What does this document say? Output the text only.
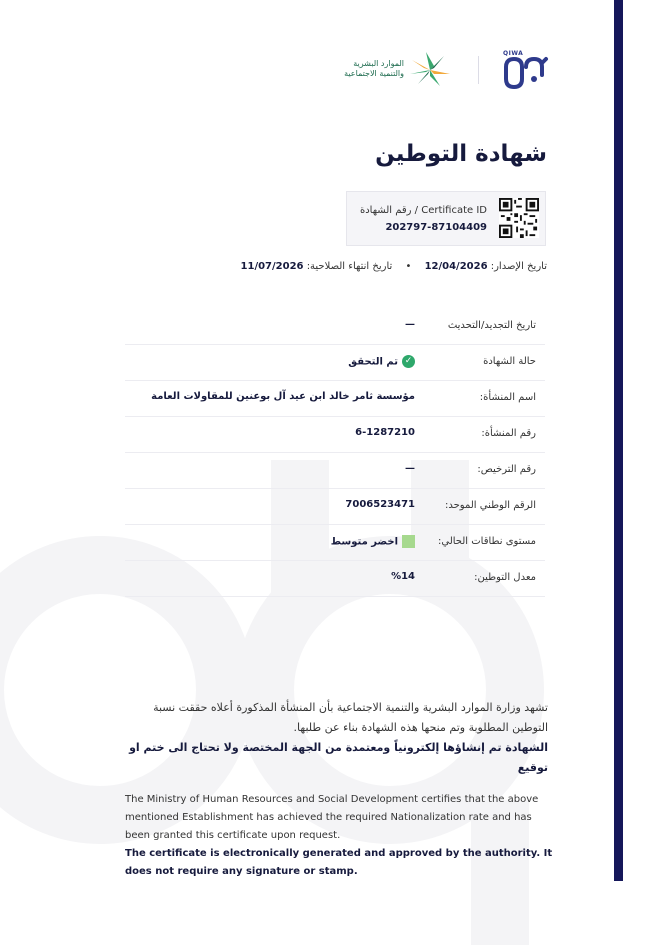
QIWA
الموارد البشرية
والتنمية الاجتماعية
شهادة التوطين
رقم الشهادة / Certificate ID
202797-87104409
تاريخ الإصدار: 12/04/2026 • تاريخ انتهاء الصلاحية: 11/07/2026
تاريخ التجديد/التحديث
—
حالة الشهادة
✓تم التحقق
اسم المنشأة:
مؤسسة ثامر خالد ابن عيد آل بوعنين للمقاولات العامة
رقم المنشأة:
6-1287210
رقم الترخيص:
—
الرقم الوطني الموحد:
7006523471
مستوى نطاقات الحالي:
اخضر متوسط
معدل التوطين:
%14

تشهد وزارة الموارد البشرية والتنمية الاجتماعية بأن المنشأة المذكورة أعلاه حققت نسبة التوطين المطلوبة وتم منحها هذه الشهادة بناء عن طلبها.

الشهادة تم إنشاؤها إلكترونياً ومعتمدة من الجهة المختصة ولا تحتاج الى ختم او توقيع

The Ministry of Human Resources and Social Development certifies that the above mentioned Establishment has achieved the required Nationalization rate and has been granted this certificate upon request.

The certificate is electronically generated and approved by the authority. It does not require any signature or stamp.
